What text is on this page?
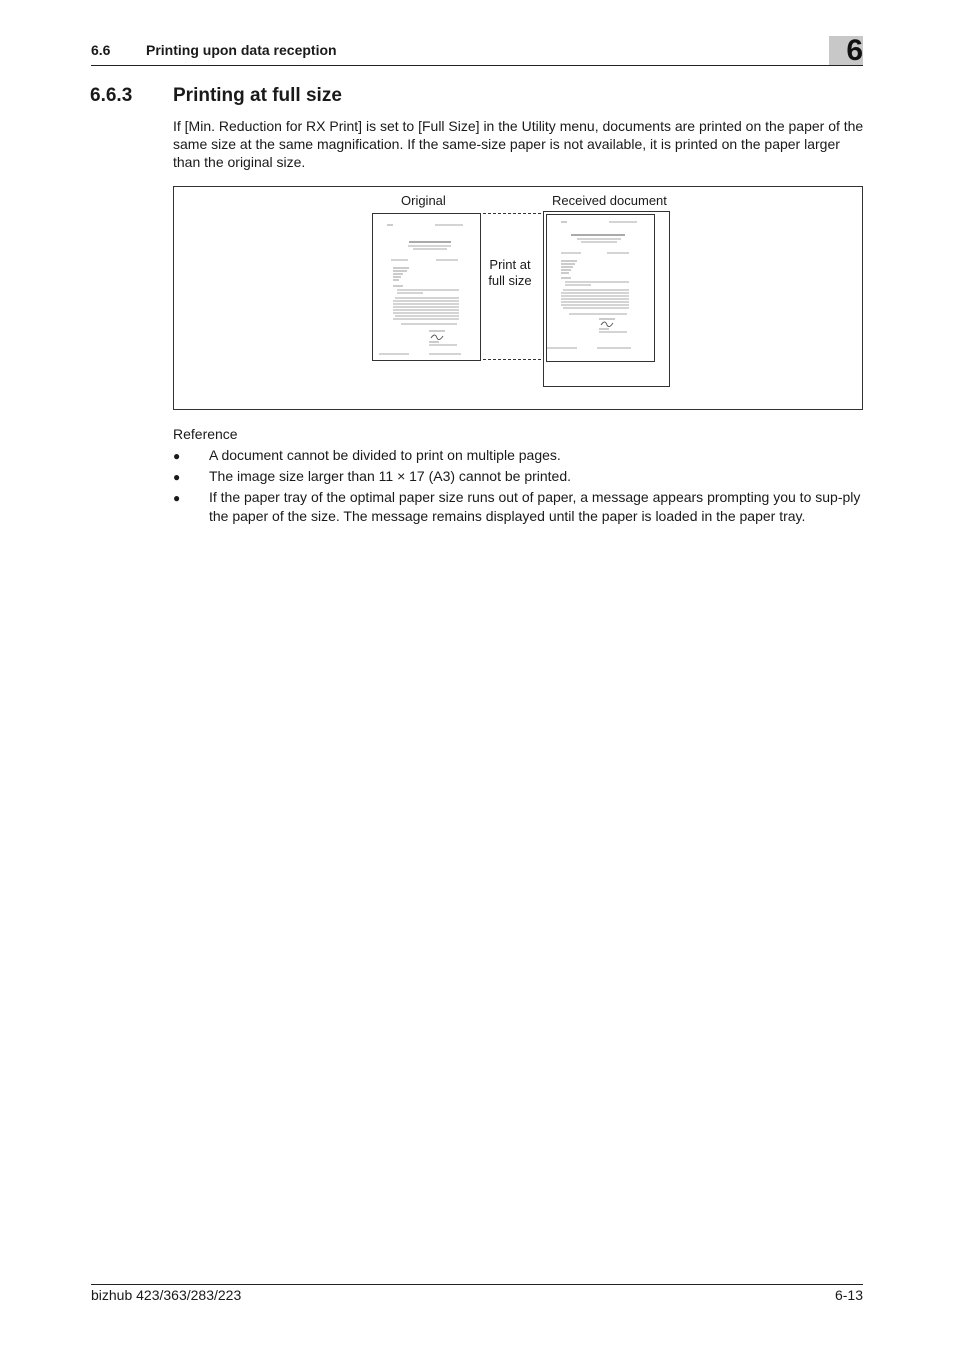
6.6	Printing upon data reception	6
6.6.3 Printing at full size
If [Min. Reduction for RX Print] is set to [Full Size] in the Utility menu, documents are printed on the paper of the same size at the same magnification. If the same-size paper is not available, it is printed on the paper larger than the original size.
Original	Received document
Print at
full size
Reference
● A document cannot be divided to print on multiple pages.
● The image size larger than 11 × 17 (A3) cannot be printed.
● If the paper tray of the optimal paper size runs out of paper, a message appears prompting you to sup-ply the paper of the size. The message remains displayed until the paper is loaded in the paper tray.
bizhub 423/363/283/223	6-13
